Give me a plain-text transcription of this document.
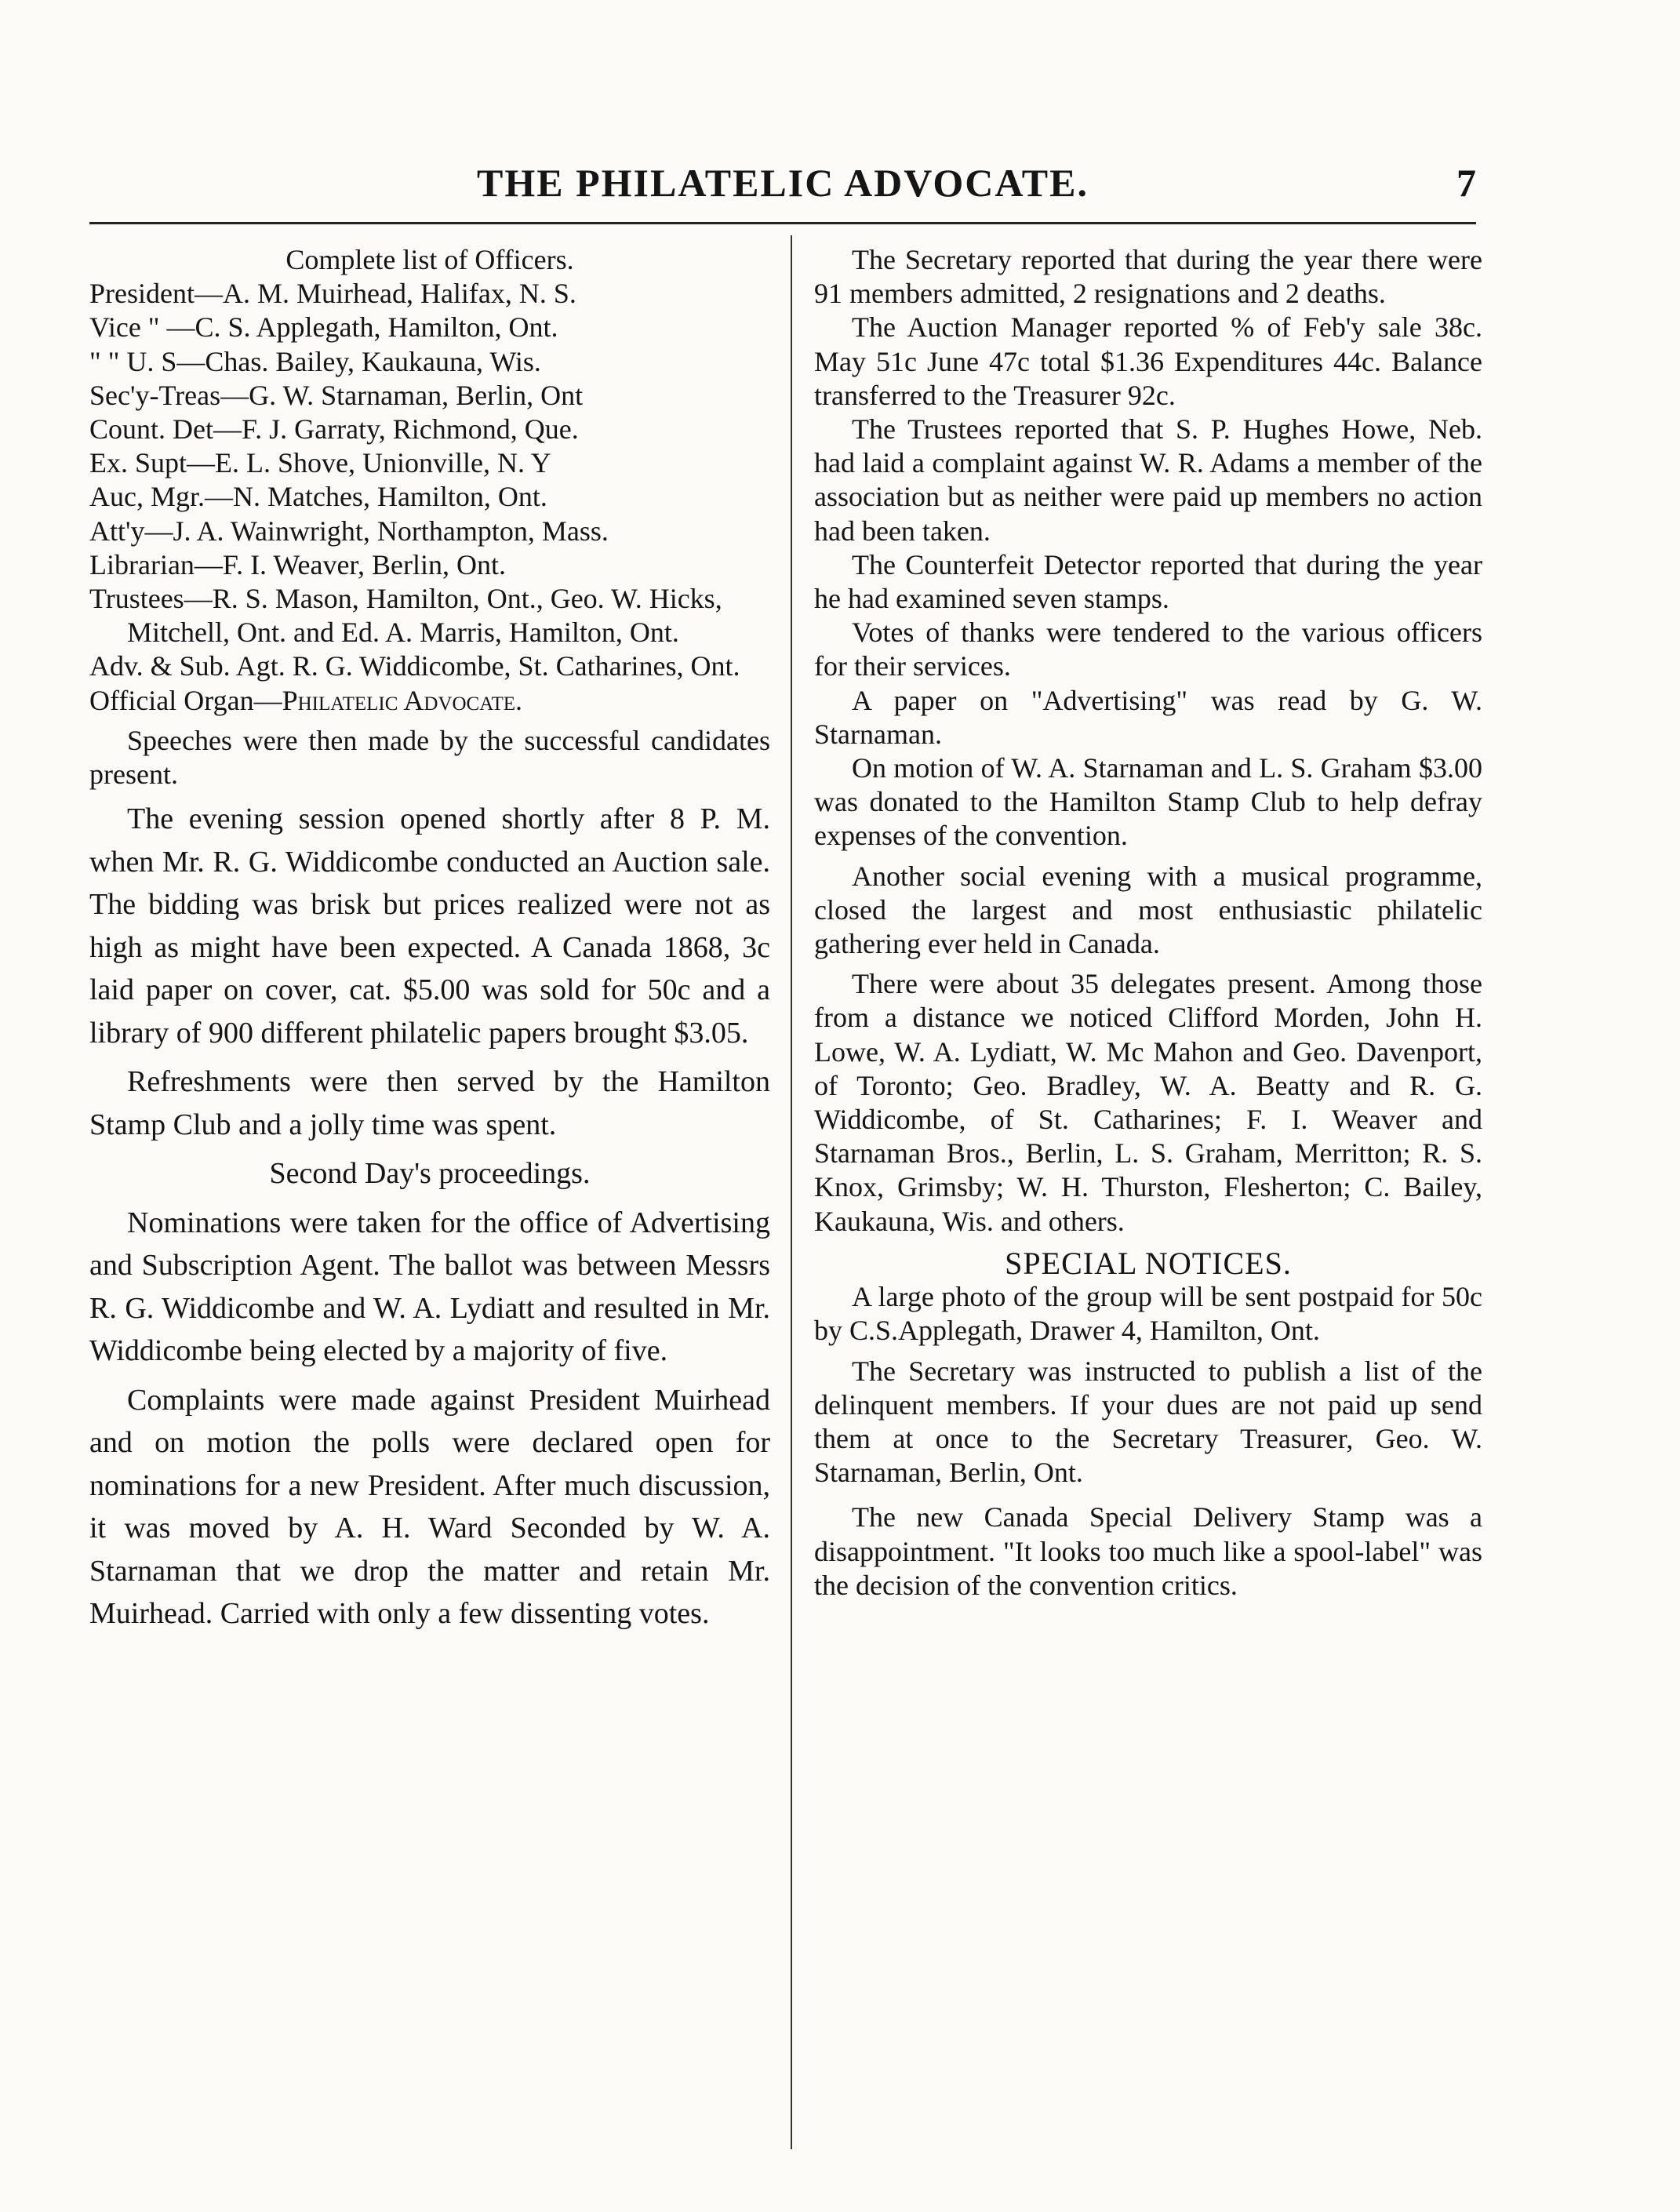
THE PHILATELIC ADVOCATE.	7

Complete list of Officers.

President—A. M. Muirhead, Halifax, N. S.

Vice " —C. S. Applegath, Hamilton, Ont.

" " U. S—Chas. Bailey, Kaukauna, Wis.

Sec'y-Treas—G. W. Starnaman, Berlin, Ont

Count. Det—F. J. Garraty, Richmond, Que.

Ex. Supt—E. L. Shove, Unionville, N. Y

Auc, Mgr.—N. Matches, Hamilton, Ont.

Att'y—J. A. Wainwright, Northampton, Mass.

Librarian—F. I. Weaver, Berlin, Ont.

Trustees—R. S. Mason, Hamilton, Ont., Geo. W. Hicks, Mitchell, Ont. and Ed. A. Marris, Hamilton, Ont.

Adv. & Sub. Agt. R. G. Widdicombe, St. Catharines, Ont.

Official Organ—Philatelic Advocate.

Speeches were then made by the successful candidates present.

The evening session opened shortly after 8 P. M. when Mr. R. G. Widdicombe conducted an Auction sale. The bidding was brisk but prices realized were not as high as might have been expected. A Canada 1868, 3c laid paper on cover, cat. $5.00 was sold for 50c and a library of 900 different philatelic papers brought $3.05.

Refreshments were then served by the Hamilton Stamp Club and a jolly time was spent.

Second Day's proceedings.

Nominations were taken for the office of Advertising and Subscription Agent. The ballot was between Messrs R. G. Widdicombe and W. A. Lydiatt and resulted in Mr. Widdicombe being elected by a majority of five.

Complaints were made against President Muirhead and on motion the polls were declared open for nominations for a new President. After much discussion, it was moved by A. H. Ward Seconded by W. A. Starnaman that we drop the matter and retain Mr. Muirhead. Carried with only a few dissenting votes.

The Secretary reported that during the year there were 91 members admitted, 2 resignations and 2 deaths.

The Auction Manager reported % of Feb'y sale 38c. May 51c June 47c total $1.36 Expenditures 44c. Balance transferred to the Treasurer 92c.

The Trustees reported that S. P. Hughes Howe, Neb. had laid a complaint against W. R. Adams a member of the association but as neither were paid up members no action had been taken.

The Counterfeit Detector reported that during the year he had examined seven stamps.

Votes of thanks were tendered to the various officers for their services.

A paper on "Advertising" was read by G. W. Starnaman.

On motion of W. A. Starnaman and L. S. Graham $3.00 was donated to the Hamilton Stamp Club to help defray expenses of the convention.

Another social evening with a musical programme, closed the largest and most enthusiastic philatelic gathering ever held in Canada.

There were about 35 delegates present. Among those from a distance we noticed Clifford Morden, John H. Lowe, W. A. Lydiatt, W. Mc Mahon and Geo. Davenport, of Toronto; Geo. Bradley, W. A. Beatty and R. G. Widdicombe, of St. Catharines; F. I. Weaver and Starnaman Bros., Berlin, L. S. Graham, Merritton; R. S. Knox, Grimsby; W. H. Thurston, Flesherton; C. Bailey, Kaukauna, Wis. and others.

SPECIAL NOTICES.

A large photo of the group will be sent postpaid for 50c by C.S.Applegath, Drawer 4, Hamilton, Ont.

The Secretary was instructed to publish a list of the delinquent members. If your dues are not paid up send them at once to the Secretary Treasurer, Geo. W. Starnaman, Berlin, Ont.

The new Canada Special Delivery Stamp was a disappointment. "It looks too much like a spool-label" was the decision of the convention critics.
